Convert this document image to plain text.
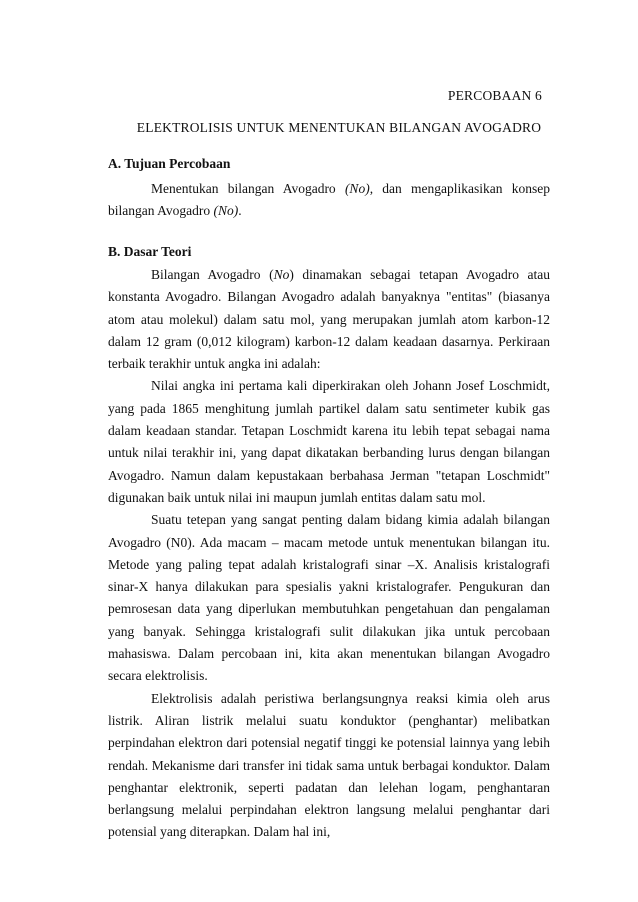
PERCOBAAN 6
ELEKTROLISIS UNTUK MENENTUKAN BILANGAN AVOGADRO
A. Tujuan Percobaan

Menentukan bilangan Avogadro (No), dan mengaplikasikan konsep bilangan Avogadro (No).

B. Dasar Teori

Bilangan Avogadro (No) dinamakan sebagai tetapan Avogadro atau konstanta Avogadro. Bilangan Avogadro adalah banyaknya "entitas" (biasanya atom atau molekul) dalam satu mol, yang merupakan jumlah atom karbon-12 dalam 12 gram (0,012 kilogram) karbon-12 dalam keadaan dasarnya. Perkiraan terbaik terakhir untuk angka ini adalah:

Nilai angka ini pertama kali diperkirakan oleh Johann Josef Loschmidt, yang pada 1865 menghitung jumlah partikel dalam satu sentimeter kubik gas dalam keadaan standar. Tetapan Loschmidt karena itu lebih tepat sebagai nama untuk nilai terakhir ini, yang dapat dikatakan berbanding lurus dengan bilangan Avogadro. Namun dalam kepustakaan berbahasa Jerman "tetapan Loschmidt" digunakan baik untuk nilai ini maupun jumlah entitas dalam satu mol.

Suatu tetepan yang sangat penting dalam bidang kimia adalah bilangan Avogadro (N0). Ada macam – macam metode untuk menentukan bilangan itu. Metode yang paling tepat adalah kristalografi sinar –X. Analisis kristalografi sinar-X hanya dilakukan para spesialis yakni kristalografer. Pengukuran dan pemrosesan data yang diperlukan membutuhkan pengetahuan dan pengalaman yang banyak. Sehingga kristalografi sulit dilakukan jika untuk percobaan mahasiswa. Dalam percobaan ini, kita akan menentukan bilangan Avogadro secara elektrolisis.

Elektrolisis adalah peristiwa berlangsungnya reaksi kimia oleh arus listrik. Aliran listrik melalui suatu konduktor (penghantar) melibatkan perpindahan elektron dari potensial negatif tinggi ke potensial lainnya yang lebih rendah. Mekanisme dari transfer ini tidak sama untuk berbagai konduktor. Dalam penghantar elektronik, seperti padatan dan lelehan logam, penghantaran berlangsung melalui perpindahan elektron langsung melalui penghantar dari potensial yang diterapkan. Dalam hal ini,
